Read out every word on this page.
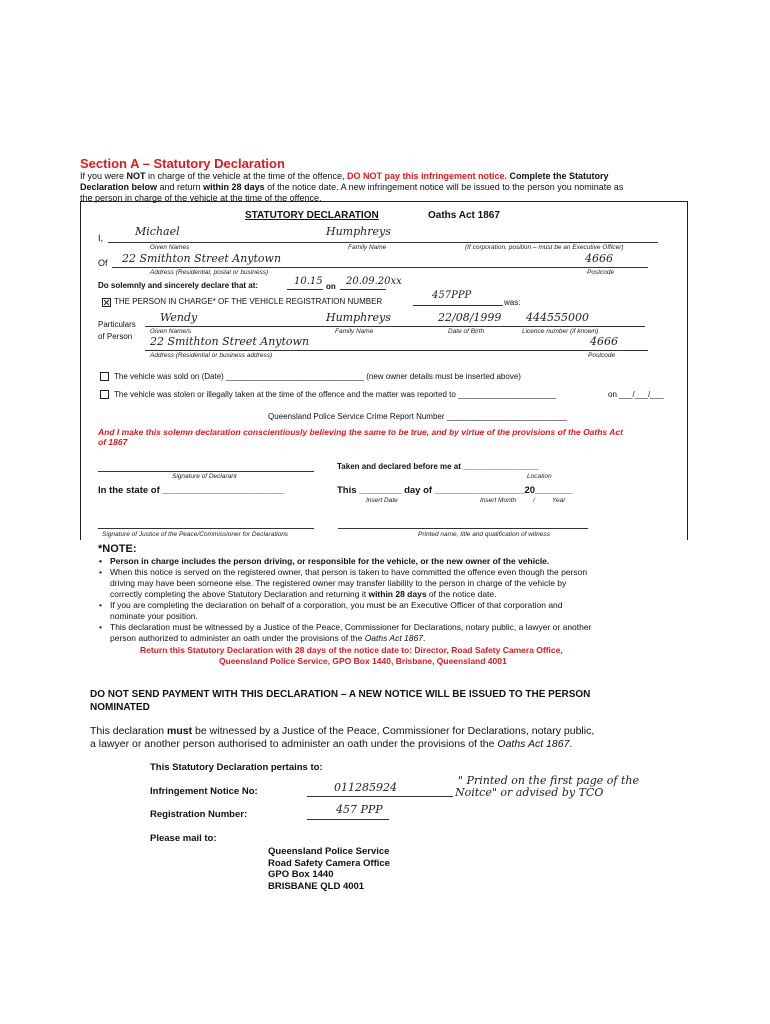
Section A – Statutory Declaration
If you were NOT in charge of the vehicle at the time of the offence, DO NOT pay this infringement notice. Complete the Statutory
Declaration below and return within 28 days of the notice date. A new infringement notice will be issued to the person you nominate as
the person in charge of the vehicle at the time of the offence.
STATUTORY DECLARATION	Oaths Act 1867
I,	Michael	Humphreys
Given Names	Family Name	(If corporation, position – must be an Executive Officer)
Of 22 Smithton Street Anytown	4666
Address (Residential, postal or business)	Postcode
Do solemnly and sincerely declare that at:	10.15 on 20.09.20xx
THE PERSON IN CHARGE* OF THE VEHICLE REGISTRATION NUMBER
457PPP
was:
Particulars
of Person
Wendy	Humphreys	22/08/1999 444555000
Given Name/s	Family Name	Date of Birth	Licence number (if known)
22 Smithton Street Anytown	4666
Address (Residential or business address)	Postcode
The vehicle was sold on (Date) _______________________________ (new owner details must be inserted above)
The vehicle was stolen or illegally taken at the time of the offence and the matter was reported to ______________________	on ___/___/___
Queensland Police Service Crime Report Number ___________________________
And I make this solemn declaration conscientiously believing the same to be true, and by virtue of the provisions of the Oaths Act
of 1867
Signature of Declarant
Taken and declared before me at _________________
Location
In the state of _______________________	This ________ day of _________________20_______
Insert Date	Insert Month	/	Year
Signature of Justice of the Peace/Commissioner for Declarations	Printed name, title and qualification of witness
*NOTE:
• Person in charge includes the person driving, or responsible for the vehicle, or the new owner of the vehicle.
• When this notice is served on the registered owner, that person is taken to have committed the offence even though the person
driving may have been someone else. The registered owner may transfer liability to the person in charge of the vehicle by
correctly completing the above Statutory Declaration and returning it within 28 days of the notice date.
• If you are completing the declaration on behalf of a corporation, you must be an Executive Officer of that corporation and
nominate your position.
• This declaration must be witnessed by a Justice of the Peace, Commissioner for Declarations, notary public, a lawyer or another
person authorized to administer an oath under the provisions of the Oaths Act 1867.
Return this Statutory Declaration with 28 days of the notice date to: Director, Road Safety Camera Office,
Queensland Police Service, GPO Box 1440, Brisbane, Queensland 4001
DO NOT SEND PAYMENT WITH THIS DECLARATION – A NEW NOTICE WILL BE ISSUED TO THE PERSON
NOMINATED
This declaration must be witnessed by a Justice of the Peace, Commissioner for Declarations, notary public,
a lawyer or another person authorised to administer an oath under the provisions of the Oaths Act 1867.
This Statutory Declaration pertains to:
Infringement Notice No:	011285924
" Printed on the first page of the
Noitce" or advised by TCO
Registration Number:	457 PPP
Please mail to:
Queensland Police Service
Road Safety Camera Office
GPO Box 1440
BRISBANE QLD 4001
